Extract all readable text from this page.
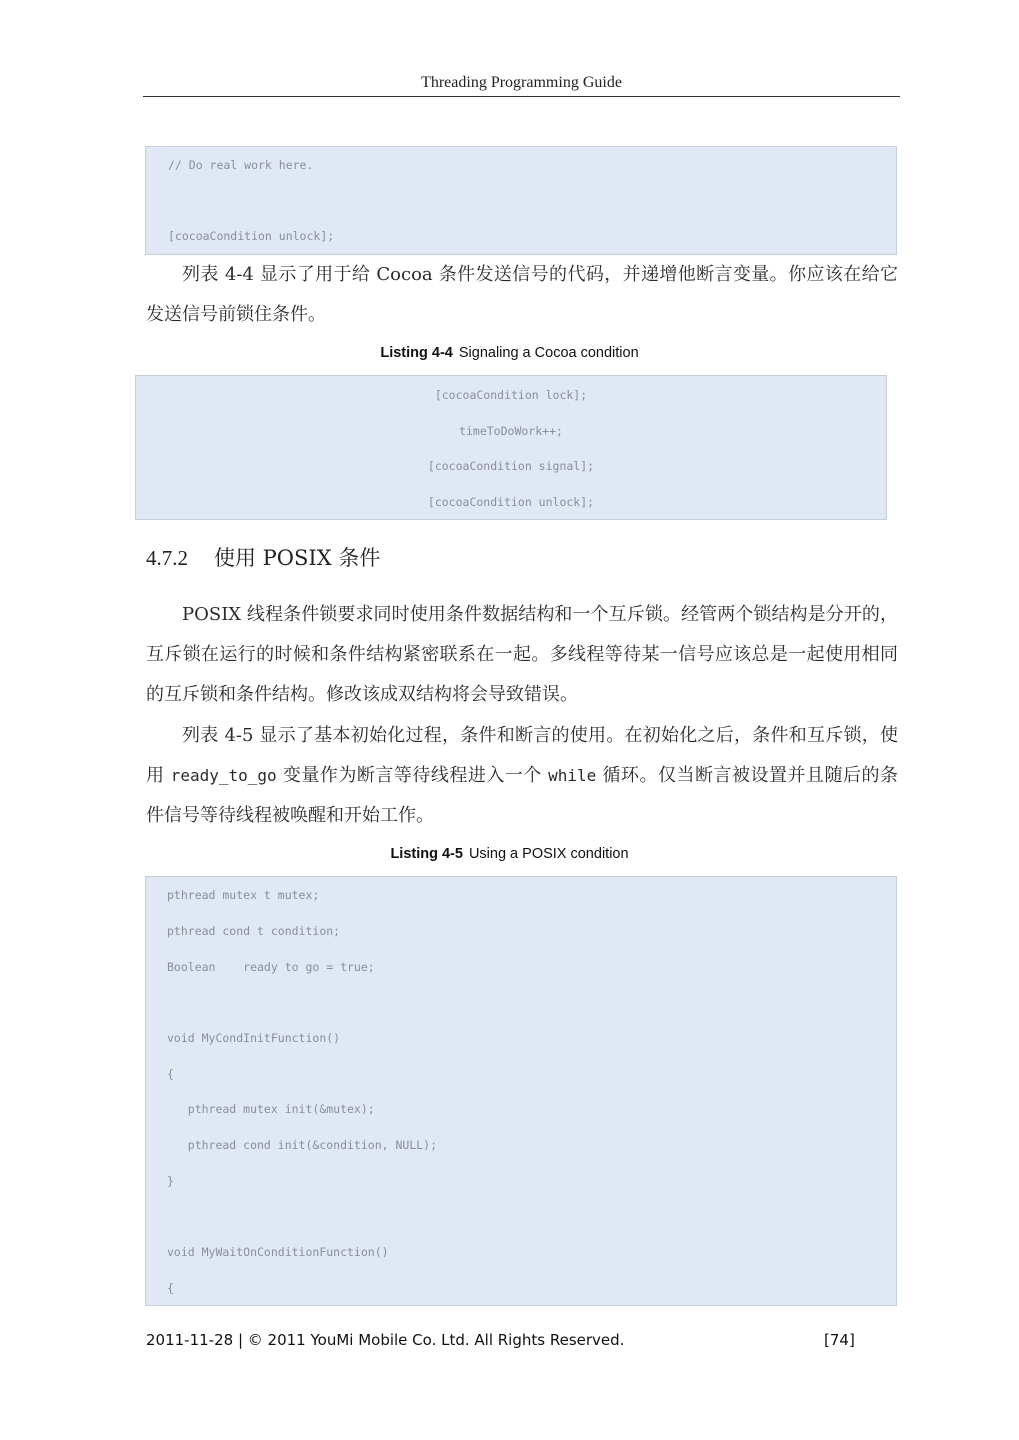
Threading Programming Guide
// Do real work here.
[cocoaCondition unlock];

列表 4-4 显示了用于给 Cocoa 条件发送信号的代码，并递增他断言变量。你应该在给它发送信号前锁住条件。

Listing 4-4 Signaling a Cocoa condition
[cocoaCondition lock];
timeToDoWork++;
[cocoaCondition signal];
[cocoaCondition unlock];
4.7.2 使用 POSIX 条件

POSIX 线程条件锁要求同时使用条件数据结构和一个互斥锁。经管两个锁结构是分开的，互斥锁在运行的时候和条件结构紧密联系在一起。多线程等待某一信号应该总是一起使用相同的互斥锁和条件结构。修改该成双结构将会导致错误。

列表 4-5 显示了基本初始化过程，条件和断言的使用。在初始化之后，条件和互斥锁，使用 ready_to_go 变量作为断言等待线程进入一个 while 循环。仅当断言被设置并且随后的条件信号等待线程被唤醒和开始工作。

Listing 4-5 Using a POSIX condition
pthread mutex t mutex;
pthread cond t condition;
Boolean    ready to go = true;
void MyCondInitFunction()
{
pthread mutex init(&mutex);
pthread cond init(&condition, NULL);
}
void MyWaitOnConditionFunction()
{
2011-11-28 | © 2011 YouMi Mobile Co. Ltd. All Rights Reserved.	[74]
